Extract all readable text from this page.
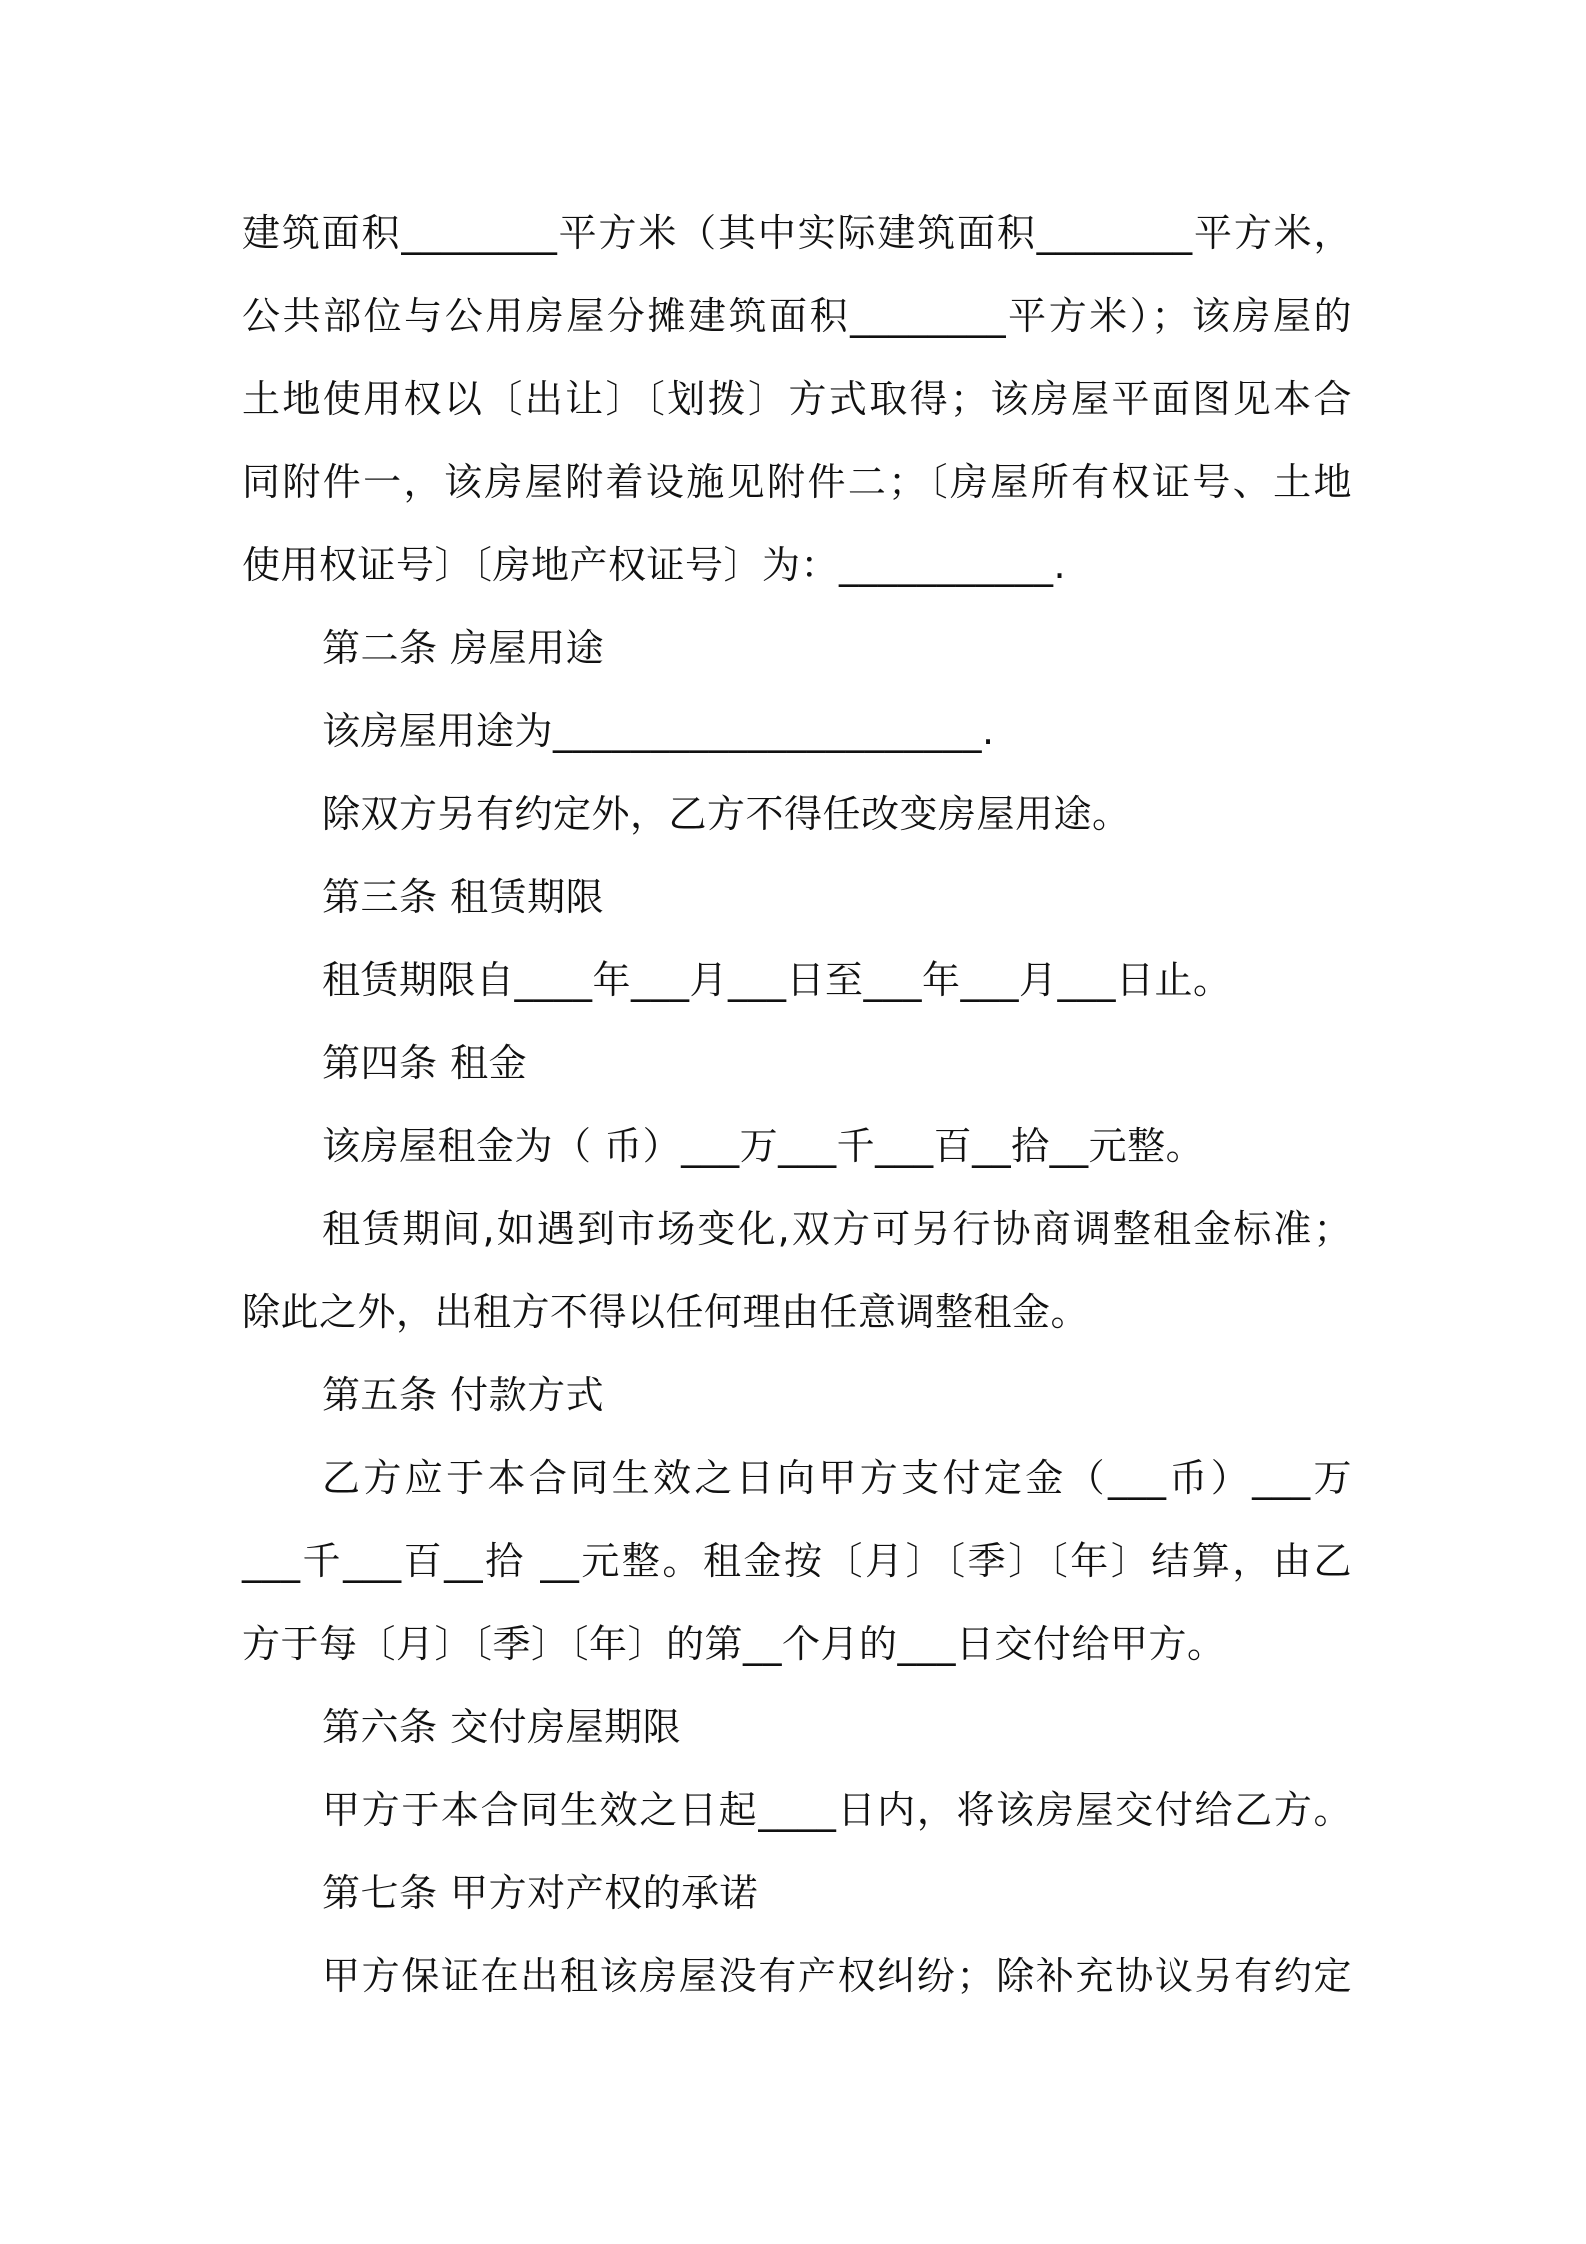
建筑面积________平方米（其中实际建筑面积________平方米，
公共部位与公用房屋分摊建筑面积________平方米）；该房屋的
土地使用权以〔出让〕〔划拨〕方式取得；该房屋平面图见本合
同附件一，该房屋附着设施见附件二；〔房屋所有权证号、土地
使用权证号〕〔房地产权证号〕为：___________.
第二条 房屋用途
该房屋用途为______________________.
除双方另有约定外，乙方不得任改变房屋用途。
第三条 租赁期限
租赁期限自____年___月___日至___年___月___日止。
第四条 租金
该房屋租金为（ 币）___万___千___百__拾__元整。
租赁期间,如遇到市场变化,双方可另行协商调整租金标准；
除此之外，出租方不得以任何理由任意调整租金。
第五条 付款方式
乙方应于本合同生效之日向甲方支付定金（___币）___万
___千___百__拾 __元整。租金按〔月〕〔季〕〔年〕结算，由乙
方于每〔月〕〔季〕〔年〕的第__个月的___日交付给甲方。
第六条 交付房屋期限
甲方于本合同生效之日起____日内，将该房屋交付给乙方。
第七条 甲方对产权的承诺
甲方保证在出租该房屋没有产权纠纷；除补充协议另有约定
